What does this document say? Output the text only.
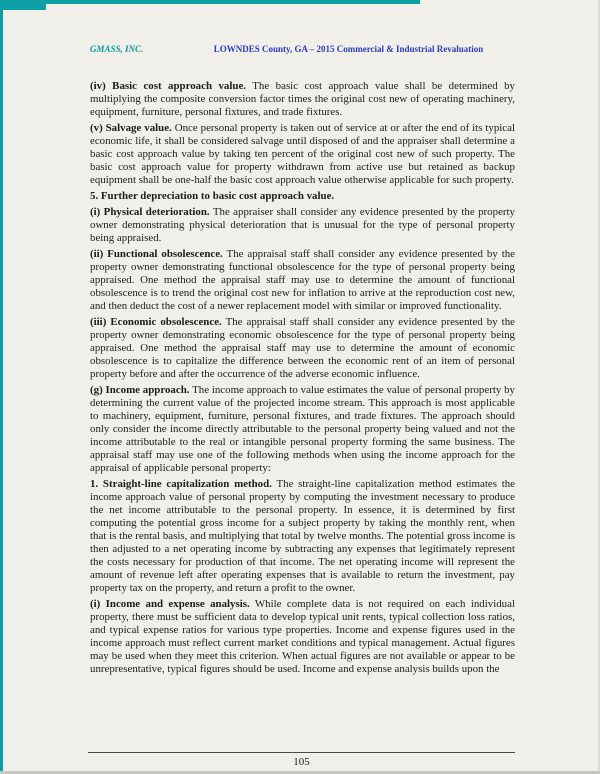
GMASS, INC.	LOWNDES County, GA – 2015 Commercial & Industrial Revaluation

(iv) Basic cost approach value. The basic cost approach value shall be determined by multiplying the composite conversion factor times the original cost new of operating machinery, equipment, furniture, personal fixtures, and trade fixtures.

(v) Salvage value. Once personal property is taken out of service at or after the end of its typical economic life, it shall be considered salvage until disposed of and the appraiser shall determine a basic cost approach value by taking ten percent of the original cost new of such property. The basic cost approach value for property withdrawn from active use but retained as backup equipment shall be one-half the basic cost approach value otherwise applicable for such property.

5. Further depreciation to basic cost approach value.

(i) Physical deterioration. The appraiser shall consider any evidence presented by the property owner demonstrating physical deterioration that is unusual for the type of personal property being appraised.

(ii) Functional obsolescence. The appraisal staff shall consider any evidence presented by the property owner demonstrating functional obsolescence for the type of personal property being appraised. One method the appraisal staff may use to determine the amount of functional obsolescence is to trend the original cost new for inflation to arrive at the reproduction cost new, and then deduct the cost of a newer replacement model with similar or improved functionality.

(iii) Economic obsolescence. The appraisal staff shall consider any evidence presented by the property owner demonstrating economic obsolescence for the type of personal property being appraised. One method the appraisal staff may use to determine the amount of economic obsolescence is to capitalize the difference between the economic rent of an item of personal property before and after the occurrence of the adverse economic influence.

(g) Income approach. The income approach to value estimates the value of personal property by determining the current value of the projected income stream. This approach is most applicable to machinery, equipment, furniture, personal fixtures, and trade fixtures. The approach should only consider the income directly attributable to the personal property being valued and not the income attributable to the real or intangible personal property forming the same business. The appraisal staff may use one of the following methods when using the income approach for the appraisal of applicable personal property:

1. Straight-line capitalization method. The straight-line capitalization method estimates the income approach value of personal property by computing the investment necessary to produce the net income attributable to the personal property. In essence, it is determined by first computing the potential gross income for a subject property by taking the monthly rent, when that is the rental basis, and multiplying that total by twelve months. The potential gross income is then adjusted to a net operating income by subtracting any expenses that legitimately represent the costs necessary for production of that income. The net operating income will represent the amount of revenue left after operating expenses that is available to return the investment, pay property tax on the property, and return a profit to the owner.

(i) Income and expense analysis. While complete data is not required on each individual property, there must be sufficient data to develop typical unit rents, typical collection loss ratios, and typical expense ratios for various type properties. Income and expense figures used in the income approach must reflect current market conditions and typical management. Actual figures may be used when they meet this criterion. When actual figures are not available or appear to be unrepresentative, typical figures should be used. Income and expense analysis builds upon the

105
